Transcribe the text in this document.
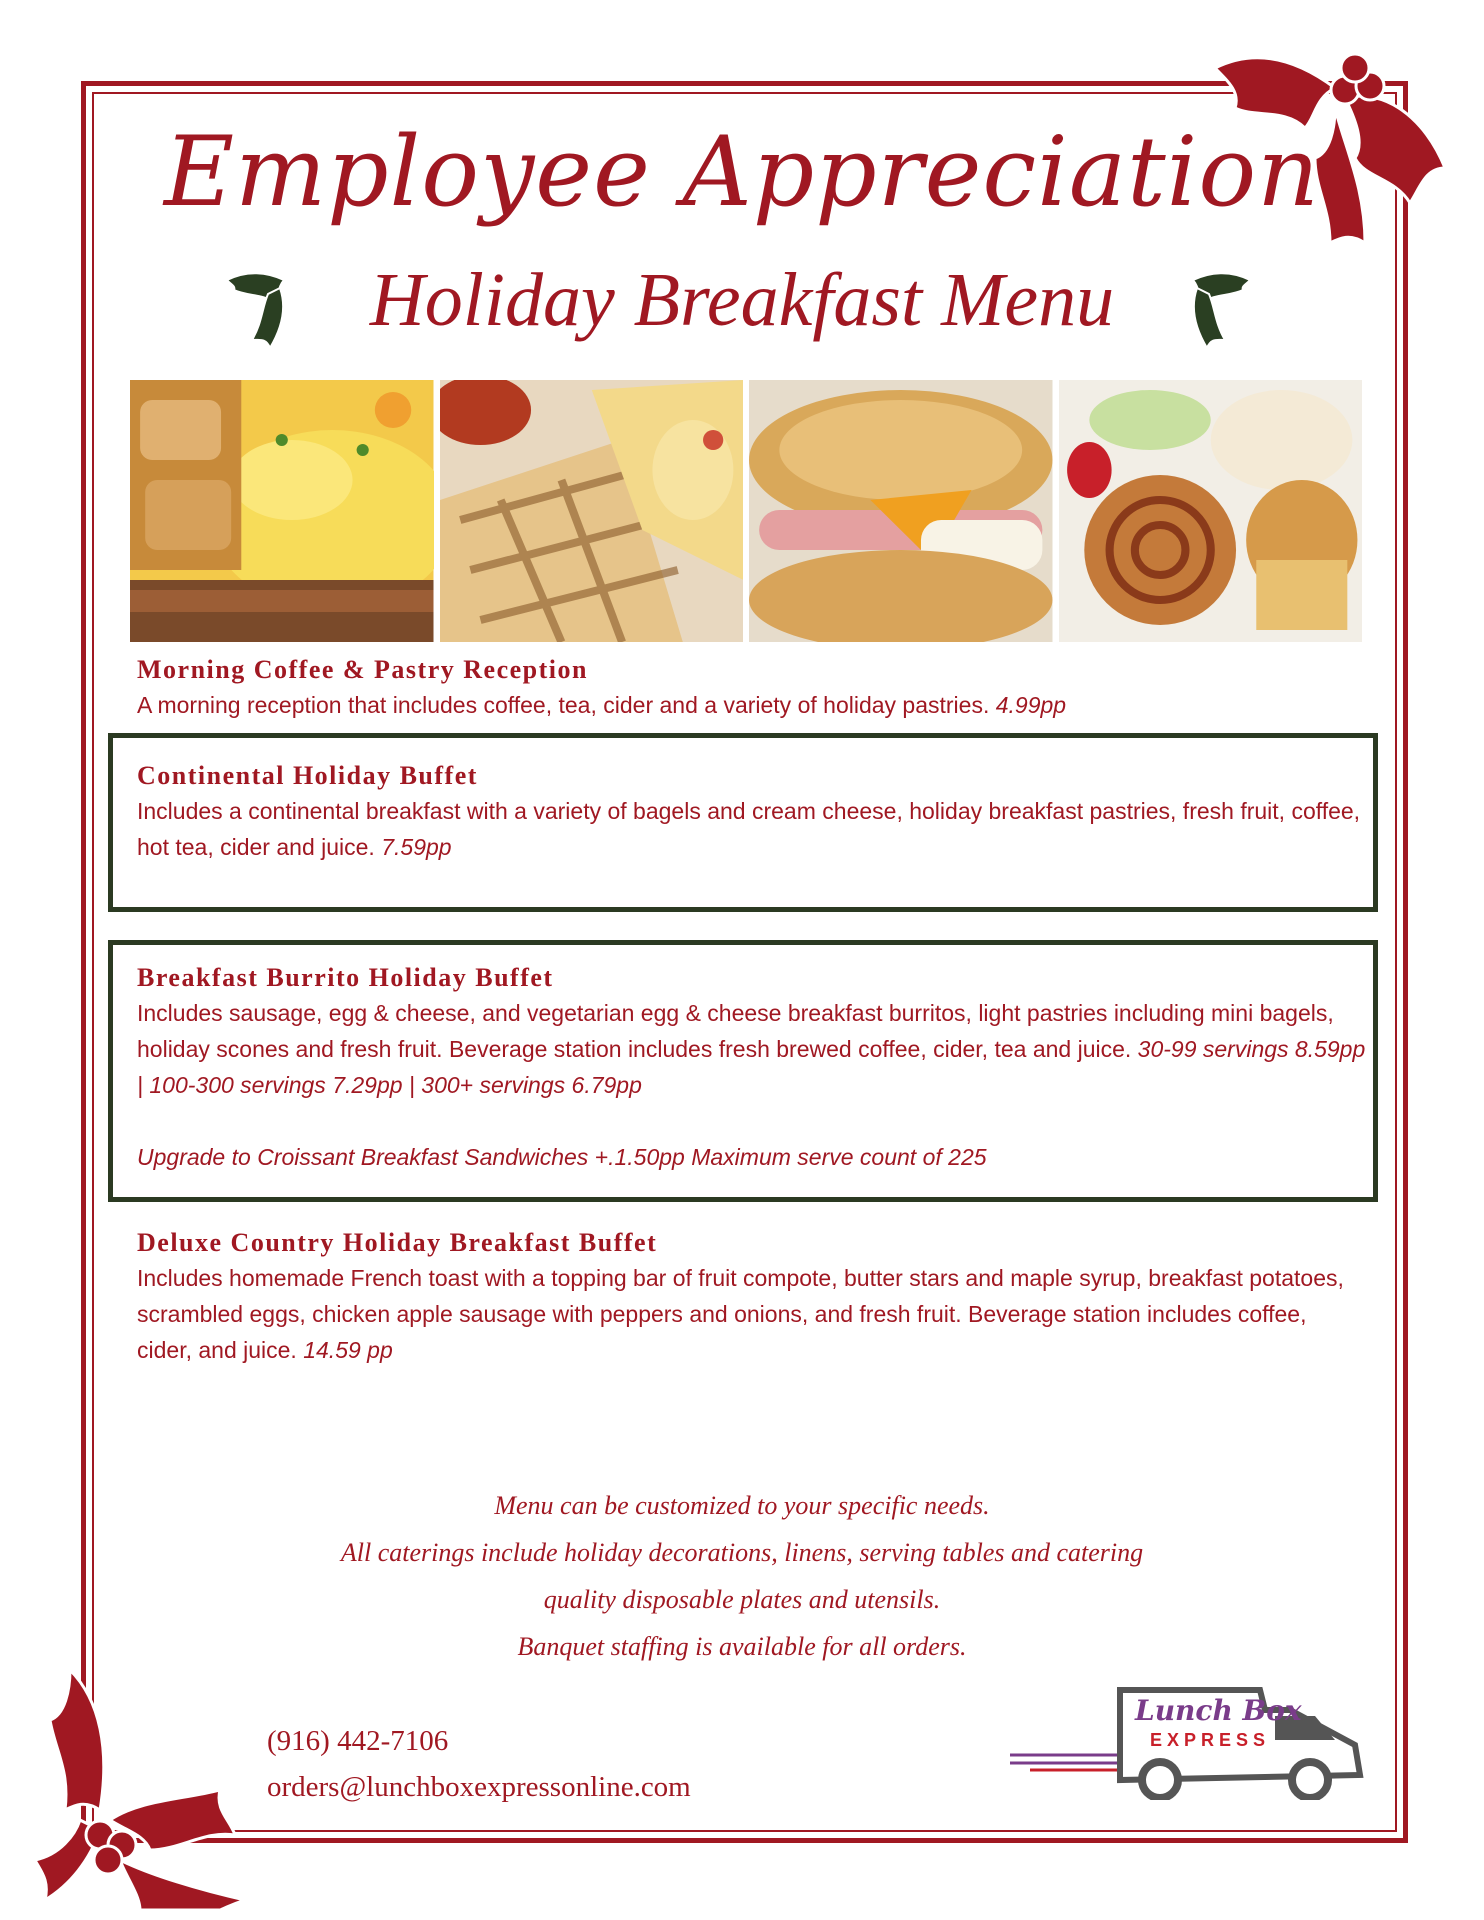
Employee Appreciation
Holiday Breakfast Menu
Morning Coffee & Pastry Reception

A morning reception that includes coffee, tea, cider and a variety of holiday pastries. 4.99pp

Continental Holiday Buffet

Includes a continental breakfast with a variety of bagels and cream cheese, holiday breakfast pastries, fresh fruit, coffee, hot tea, cider and juice. 7.59pp

Breakfast Burrito Holiday Buffet

Includes sausage, egg & cheese, and vegetarian egg & cheese breakfast burritos, light pastries including mini bagels, holiday scones and fresh fruit. Beverage station includes fresh brewed coffee, cider, tea and juice. 30-99 servings 8.59pp | 100-300 servings 7.29pp | 300+ servings 6.79pp

Upgrade to Croissant Breakfast Sandwiches +.1.50pp Maximum serve count of 225

Deluxe Country Holiday Breakfast Buffet

Includes homemade French toast with a topping bar of fruit compote, butter stars and maple syrup, breakfast potatoes, scrambled eggs, chicken apple sausage with peppers and onions, and fresh fruit. Beverage station includes coffee, cider, and juice. 14.59 pp

Menu can be customized to your specific needs.
All caterings include holiday decorations, linens, serving tables and catering
quality disposable plates and utensils.
Banquet staffing is available for all orders.
(916) 442-7106
orders@lunchboxexpressonline.com
Lunch Box
EXPRESS
